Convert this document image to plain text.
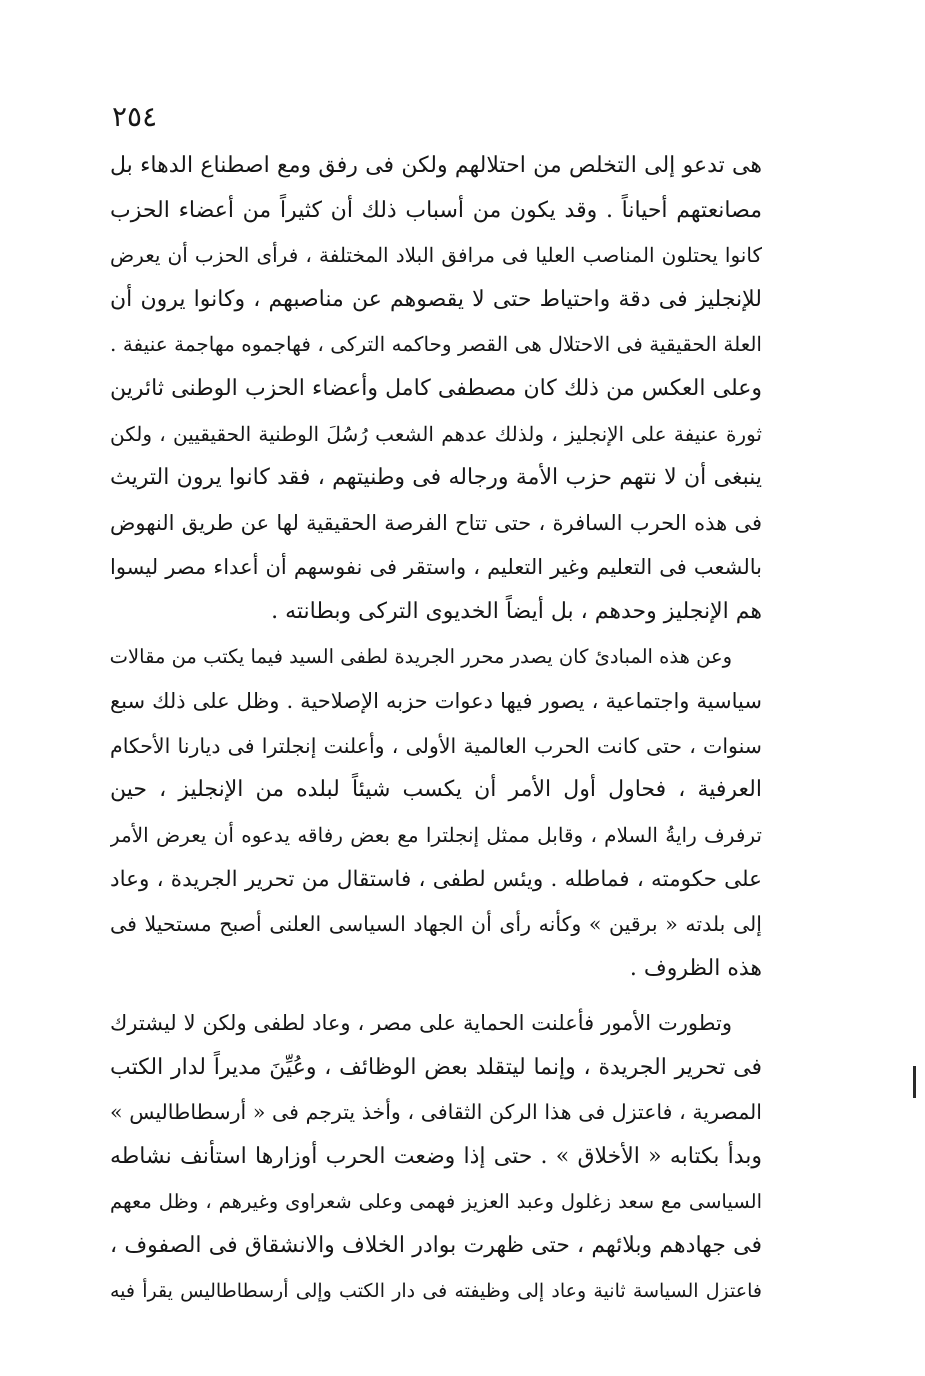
٢٥٤
هى تدعو إلى التخلص من احتلالهم ولكن فى رفق ومع اصطناع الدهاء بل
مصانعتهم أحياناً . وقد يكون من أسباب ذلك أن كثيراً من أعضاء الحزب
كانوا يحتلون المناصب العليا فى مرافق البلاد المختلفة ، فرأى الحزب أن يعرض
للإنجليز فى دقة واحتياط حتى لا يقصوهم عن مناصبهم ، وكانوا يرون أن
العلة الحقيقية فى الاحتلال هى القصر وحاكمه التركى ، فهاجموه مهاجمة عنيفة .
وعلى العكس من ذلك كان مصطفى كامل وأعضاء الحزب الوطنى ثائرين
ثورة عنيفة على الإنجليز ، ولذلك عدهم الشعب رُسُلَ الوطنية الحقيقيين ، ولكن
ينبغى أن لا نتهم حزب الأمة ورجاله فى وطنيتهم ، فقد كانوا يرون التريث
فى هذه الحرب السافرة ، حتى تتاح الفرصة الحقيقية لها عن طريق النهوض
بالشعب فى التعليم وغير التعليم ، واستقر فى نفوسهم أن أعداء مصر ليسوا
هم الإنجليز وحدهم ، بل أيضاً الخديوى التركى وبطانته .
وعن هذه المبادئ كان يصدر محرر الجريدة لطفى السيد فيما يكتب من مقالات
سياسية واجتماعية ، يصور فيها دعوات حزبه الإصلاحية . وظل على ذلك سبع
سنوات ، حتى كانت الحرب العالمية الأولى ، وأعلنت إنجلترا فى ديارنا الأحكام
العرفية ، فحاول أول الأمر أن يكسب شيئاً لبلده من الإنجليز ، حين
ترفرف رايةُ السلام ، وقابل ممثل إنجلترا مع بعض رفاقه يدعوه أن يعرض الأمر
على حكومته ، فماطله . ويئس لطفى ، فاستقال من تحرير الجريدة ، وعاد
إلى بلدته « برقين » وكأنه رأى أن الجهاد السياسى العلنى أصبح مستحيلا فى
هذه الظروف .
وتطورت الأمور فأعلنت الحماية على مصر ، وعاد لطفى ولكن لا ليشترك
فى تحرير الجريدة ، وإنما ليتقلد بعض الوظائف ، وعُيِّنَ مديراً لدار الكتب
المصرية ، فاعتزل فى هذا الركن الثقافى ، وأخذ يترجم فى « أرسطاطاليس »
وبدأ بكتابه « الأخلاق » . حتى إذا وضعت الحرب أوزارها استأنف نشاطه
السياسى مع سعد زغلول وعبد العزيز فهمى وعلى شعراوى وغيرهم ، وظل معهم
فى جهادهم وبلائهم ، حتى ظهرت بوادر الخلاف والانشقاق فى الصفوف ،
فاعتزل السياسة ثانية وعاد إلى وظيفته فى دار الكتب وإلى أرسطاطاليس يقرأ فيه
